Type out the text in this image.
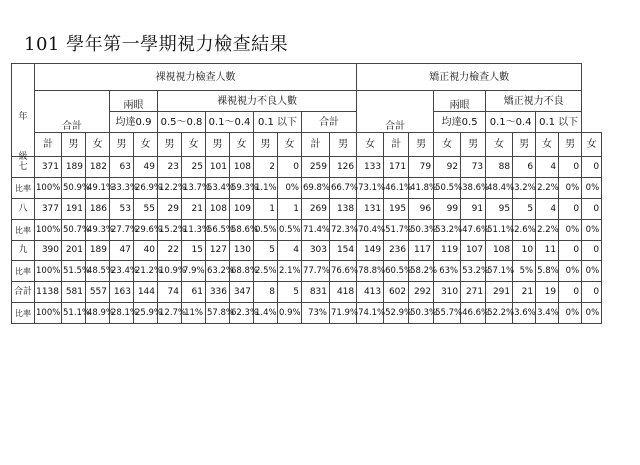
101 學年第一學期視力檢查結果
年
級	裸視視力檢查人數													矯正視力檢查人數									
	合計			兩眼		裸視視力不良人數								合計			兩眼		矯正視力不良				
				均達0.9		0.5～0.8		0.1～0.4		0.1 以下		合計					均達0.5		0.1～0.4		0.1 以下		
	計	男	女	男	女	男	女	男	女	男	女	計	男	女	計	男	女	男	女	男	女	男	女

七	371	189	182	63	49	23	25	101	108	2	0	259	126	133	171	79	92	73	88	6	4	0	0
比率	100%	50.9%	49.1%	33.3%	26.9%	12.2%	13.7%	53.4%	59.3%	1.1%	0%	69.8%	66.7%	73.1%	46.1%	41.8%	50.5%	38.6%	48.4%	3.2%	2.2%	0%	0%
八	377	191	186	53	55	29	21	108	109	1	1	269	138	131	195	96	99	91	95	5	4	0	0
比率	100%	50.7%	49.3%	27.7%	29.6%	15.2%	11.3%	56.5%	58.6%	0.5%	0.5%	71.4%	72.3%	70.4%	51.7%	50.3%	53.2%	47.6%	51.1%	2.6%	2.2%	0%	0%
九	390	201	189	47	40	22	15	127	130	5	4	303	154	149	236	117	119	107	108	10	11	0	0
比率	100%	51.5%	48.5%	23.4%	21.2%	10.9%	7.9%	63.2%	68.8%	2.5%	2.1%	77.7%	76.6%	78.8%	60.5%	58.2%	63%	53.2%	57.1%	5%	5.8%	0%	0%
合計	1138	581	557	163	144	74	61	336	347	8	5	831	418	413	602	292	310	271	291	21	19	0	0
比率	100%	51.1%	48.9%	28.1%	25.9%	12.7%	11%	57.8%	62.3%	1.4%	0.9%	73%	71.9%	74.1%	52.9%	50.3%	55.7%	46.6%	52.2%	3.6%	3.4%	0%	0%
